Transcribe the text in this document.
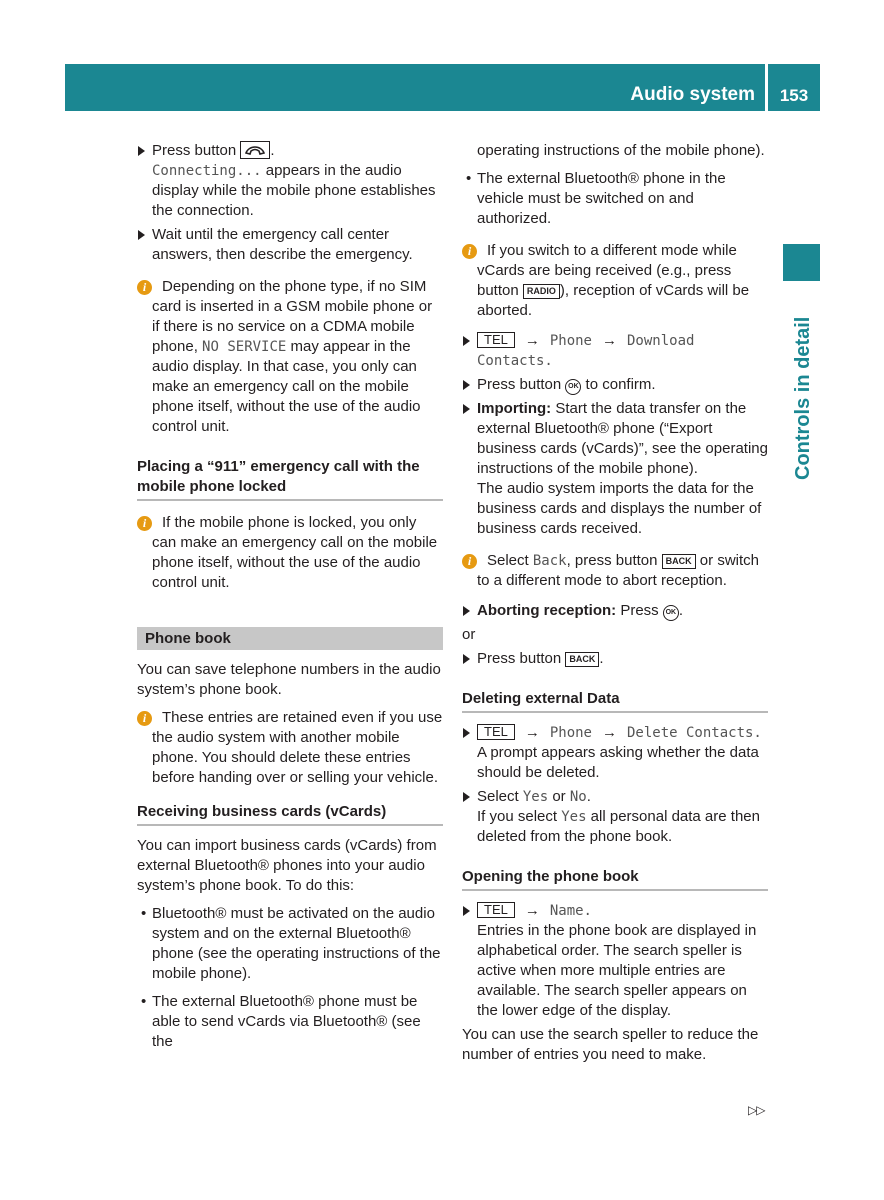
Audio system	153
Controls in detail
Press button .
Connecting... appears in the audio display while the mobile phone establishes the connection.
Wait until the emergency call center answers, then describe the emergency.
i	Depending on the phone type, if no SIM card is inserted in a GSM mobile phone or if there is no service on a CDMA mobile phone, NO SERVICE may appear in the audio display. In that case, you only can make an emergency call on the mobile phone itself, without the use of the audio control unit.
Placing a “911” emergency call with the mobile phone locked
i	If the mobile phone is locked, you only can make an emergency call on the mobile phone itself, without the use of the audio control unit.
Phone book
You can save telephone numbers in the audio system’s phone book.
i	These entries are retained even if you use the audio system with another mobile phone. You should delete these entries before handing over or selling your vehicle.
Receiving business cards (vCards)
You can import business cards (vCards) from external Bluetooth® phones into your audio system’s phone book. To do this:
• Bluetooth® must be activated on the audio system and on the external Bluetooth® phone (see the operating instructions of the mobile phone).
• The external Bluetooth® phone must be able to send vCards via Bluetooth® (see the
operating instructions of the mobile phone).
• The external Bluetooth® phone in the vehicle must be switched on and authorized.
i	If you switch to a different mode while vCards are being received (e.g., press button RADIO ), reception of vCards will be aborted.
TEL → Phone → Download Contacts.
Press button OK to confirm.
Importing: Start the data transfer on the external Bluetooth® phone (“Export business cards (vCards)”, see the operating instructions of the mobile phone).
The audio system imports the data for the business cards and displays the number of business cards received.
i	Select Back, press button BACK or switch to a different mode to abort reception.
Aborting reception: Press OK .
or
Press button BACK .
Deleting external Data
TEL → Phone → Delete Contacts.
A prompt appears asking whether the data should be deleted.
Select Yes or No.
If you select Yes all personal data are then deleted from the phone book.
Opening the phone book
TEL → Name.
Entries in the phone book are displayed in alphabetical order. The search speller is active when more multiple entries are available. The search speller appears on the lower edge of the display.
You can use the search speller to reduce the number of entries you need to make.
▷▷
